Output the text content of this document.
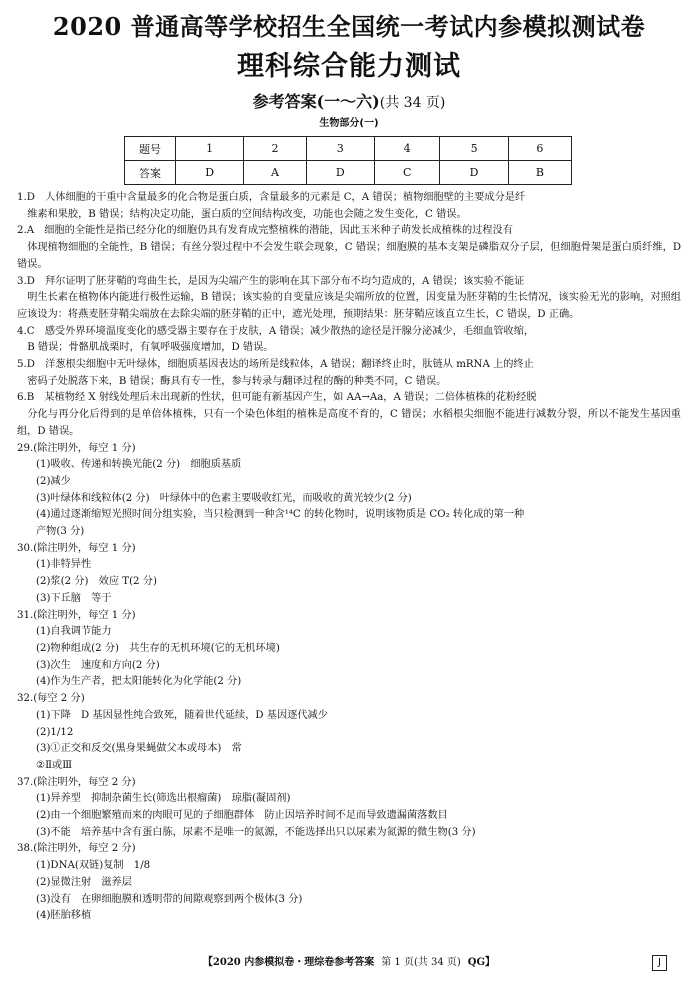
2020 普通高等学校招生全国统一考试内参模拟测试卷
理科综合能力测试
参考答案(一～六)(共 34 页)
生物部分(一)
题号	1	2	3	4	5	6
答案	D	A	D	C	D	B
1.D　人体细胞的干重中含量最多的化合物是蛋白质，含量最多的元素是 C，A 错误；植物细胞壁的主要成分是纤
维素和果胶，B 错误；结构决定功能，蛋白质的空间结构改变，功能也会随之发生变化，C 错误。
2.A　细胞的全能性是指已经分化的细胞仍具有发育成完整植株的潜能，因此玉米种子萌发长成植株的过程没有
体现植物细胞的全能性，B 错误；有丝分裂过程中不会发生联会现象，C 错误；细胞膜的基本支架是磷脂双分子层，但细胞骨架是蛋白质纤维，D 错误。
3.D　拜尔证明了胚芽鞘的弯曲生长，是因为尖端产生的影响在其下部分布不均匀造成的，A 错误；该实验不能证
明生长素在植物体内能进行极性运输，B 错误；该实验的自变量应该是尖端所放的位置，因变量为胚芽鞘的生长情况，该实验无光的影响，对照组应该设为：将燕麦胚芽鞘尖端放在去除尖端的胚芽鞘的正中，遮光处理，预期结果：胚芽鞘应该直立生长，C 错误，D 正确。
4.C　感受外界环境温度变化的感受器主要存在于皮肤，A 错误；减少散热的途径是汗腺分泌减少，毛细血管收缩，
B 错误；骨骼肌战栗时，有氧呼吸强度增加，D 错误。
5.D　洋葱根尖细胞中无叶绿体，细胞质基因表达的场所是线粒体，A 错误；翻译终止时，肽链从 mRNA 上的终止
密码子处脱落下来，B 错误；酶具有专一性，参与转录与翻译过程的酶的种类不同，C 错误。
6.B　某植物经 X 射线处理后未出现新的性状，但可能有新基因产生，如 AA→Aa，A 错误；二倍体植株的花粉经脱
分化与再分化后得到的是单倍体植株，只有一个染色体组的植株是高度不育的，C 错误；水稻根尖细胞不能进行减数分裂，所以不能发生基因重组，D 错误。
29.(除注明外，每空 1 分)
(1)吸收、传递和转换光能(2 分)　细胞质基质
(2)减少
(3)叶绿体和线粒体(2 分)　叶绿体中的色素主要吸收红光，而吸收的黄光较少(2 分)
(4)通过逐渐缩短光照时间分组实验，当只检测到一种含¹⁴C 的转化物时，说明该物质是 CO₂ 转化成的第一种
产物(3 分)
30.(除注明外，每空 1 分)
(1)非特异性
(2)浆(2 分)　效应 T(2 分)
(3)下丘脑　等于
31.(除注明外，每空 1 分)
(1)自我调节能力
(2)物种组成(2 分)　共生存的无机环境(它的无机环境)
(3)次生　速度和方向(2 分)
(4)作为生产者，把太阳能转化为化学能(2 分)
32.(每空 2 分)
(1)下降　D 基因显性纯合致死，随着世代延续，D 基因逐代减少
(2)1/12
(3)①正交和反交(黑身果蝇做父本或母本)　常
②Ⅱ或Ⅲ
37.(除注明外，每空 2 分)
(1)异养型　抑制杂菌生长(筛选出根瘤菌)　琼脂(凝固剂)
(2)由一个细胞繁殖而来的肉眼可见的子细胞群体　防止因培养时间不足而导致遗漏菌落数目
(3)不能　培养基中含有蛋白胨，尿素不是唯一的氮源，不能选择出只以尿素为氮源的微生物(3 分)
38.(除注明外，每空 2 分)
(1)DNA(双链)复制　1/8
(2)显微注射　滋养层
(3)没有　在卵细胞膜和透明带的间隙观察到两个极体(3 分)
(4)胚胎移植
【2020 内参模拟卷・理综卷参考答案 第 1 页(共 34 页) QG】	J
